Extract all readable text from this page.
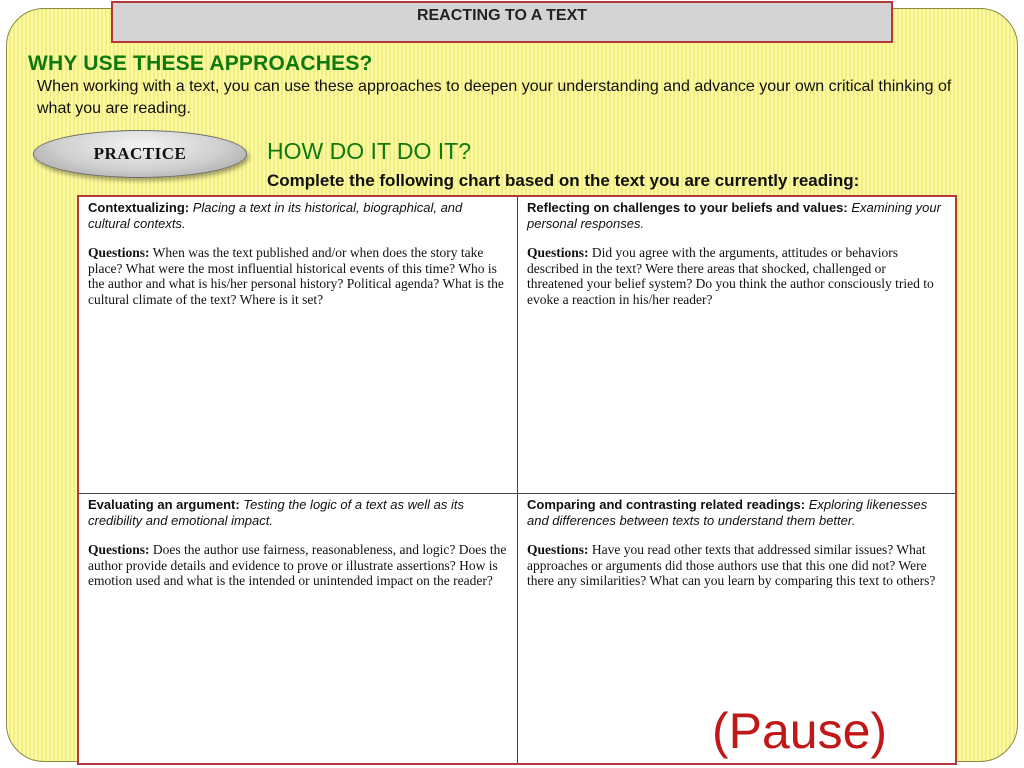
REACTING TO A TEXT
WHY USE THESE APPROACHES?

When working with a text, you can use these approaches to deepen your understanding and advance your own critical thinking of what you are reading.

PRACTICE	HOW DO IT DO IT?

Complete the following chart based on the text you are currently reading:

Contextualizing: Placing a text in its historical, biographical, and cultural contexts.

Questions: When was the text published and/or when does the story take place? What were the most influential historical events of this time? Who is the author and what is his/her personal history? Political agenda? What is the cultural climate of the text? Where is it set?

Reflecting on challenges to your beliefs and values: Examining your personal responses.

Questions: Did you agree with the arguments, attitudes or behaviors described in the text? Were there areas that shocked, challenged or threatened your belief system? Do you think the author consciously tried to evoke a reaction in his/her reader?

Evaluating an argument: Testing the logic of a text as well as its credibility and emotional impact.

Questions: Does the author use fairness, reasonableness, and logic? Does the author provide details and evidence to prove or illustrate assertions? How is emotion used and what is the intended or unintended impact on the reader?

Comparing and contrasting related readings: Exploring likenesses and differences between texts to understand them better.

Questions: Have you read other texts that addressed similar issues? What approaches or arguments did those authors use that this one did not? Were there any similarities? What can you learn by comparing this text to others?

(Pause)
